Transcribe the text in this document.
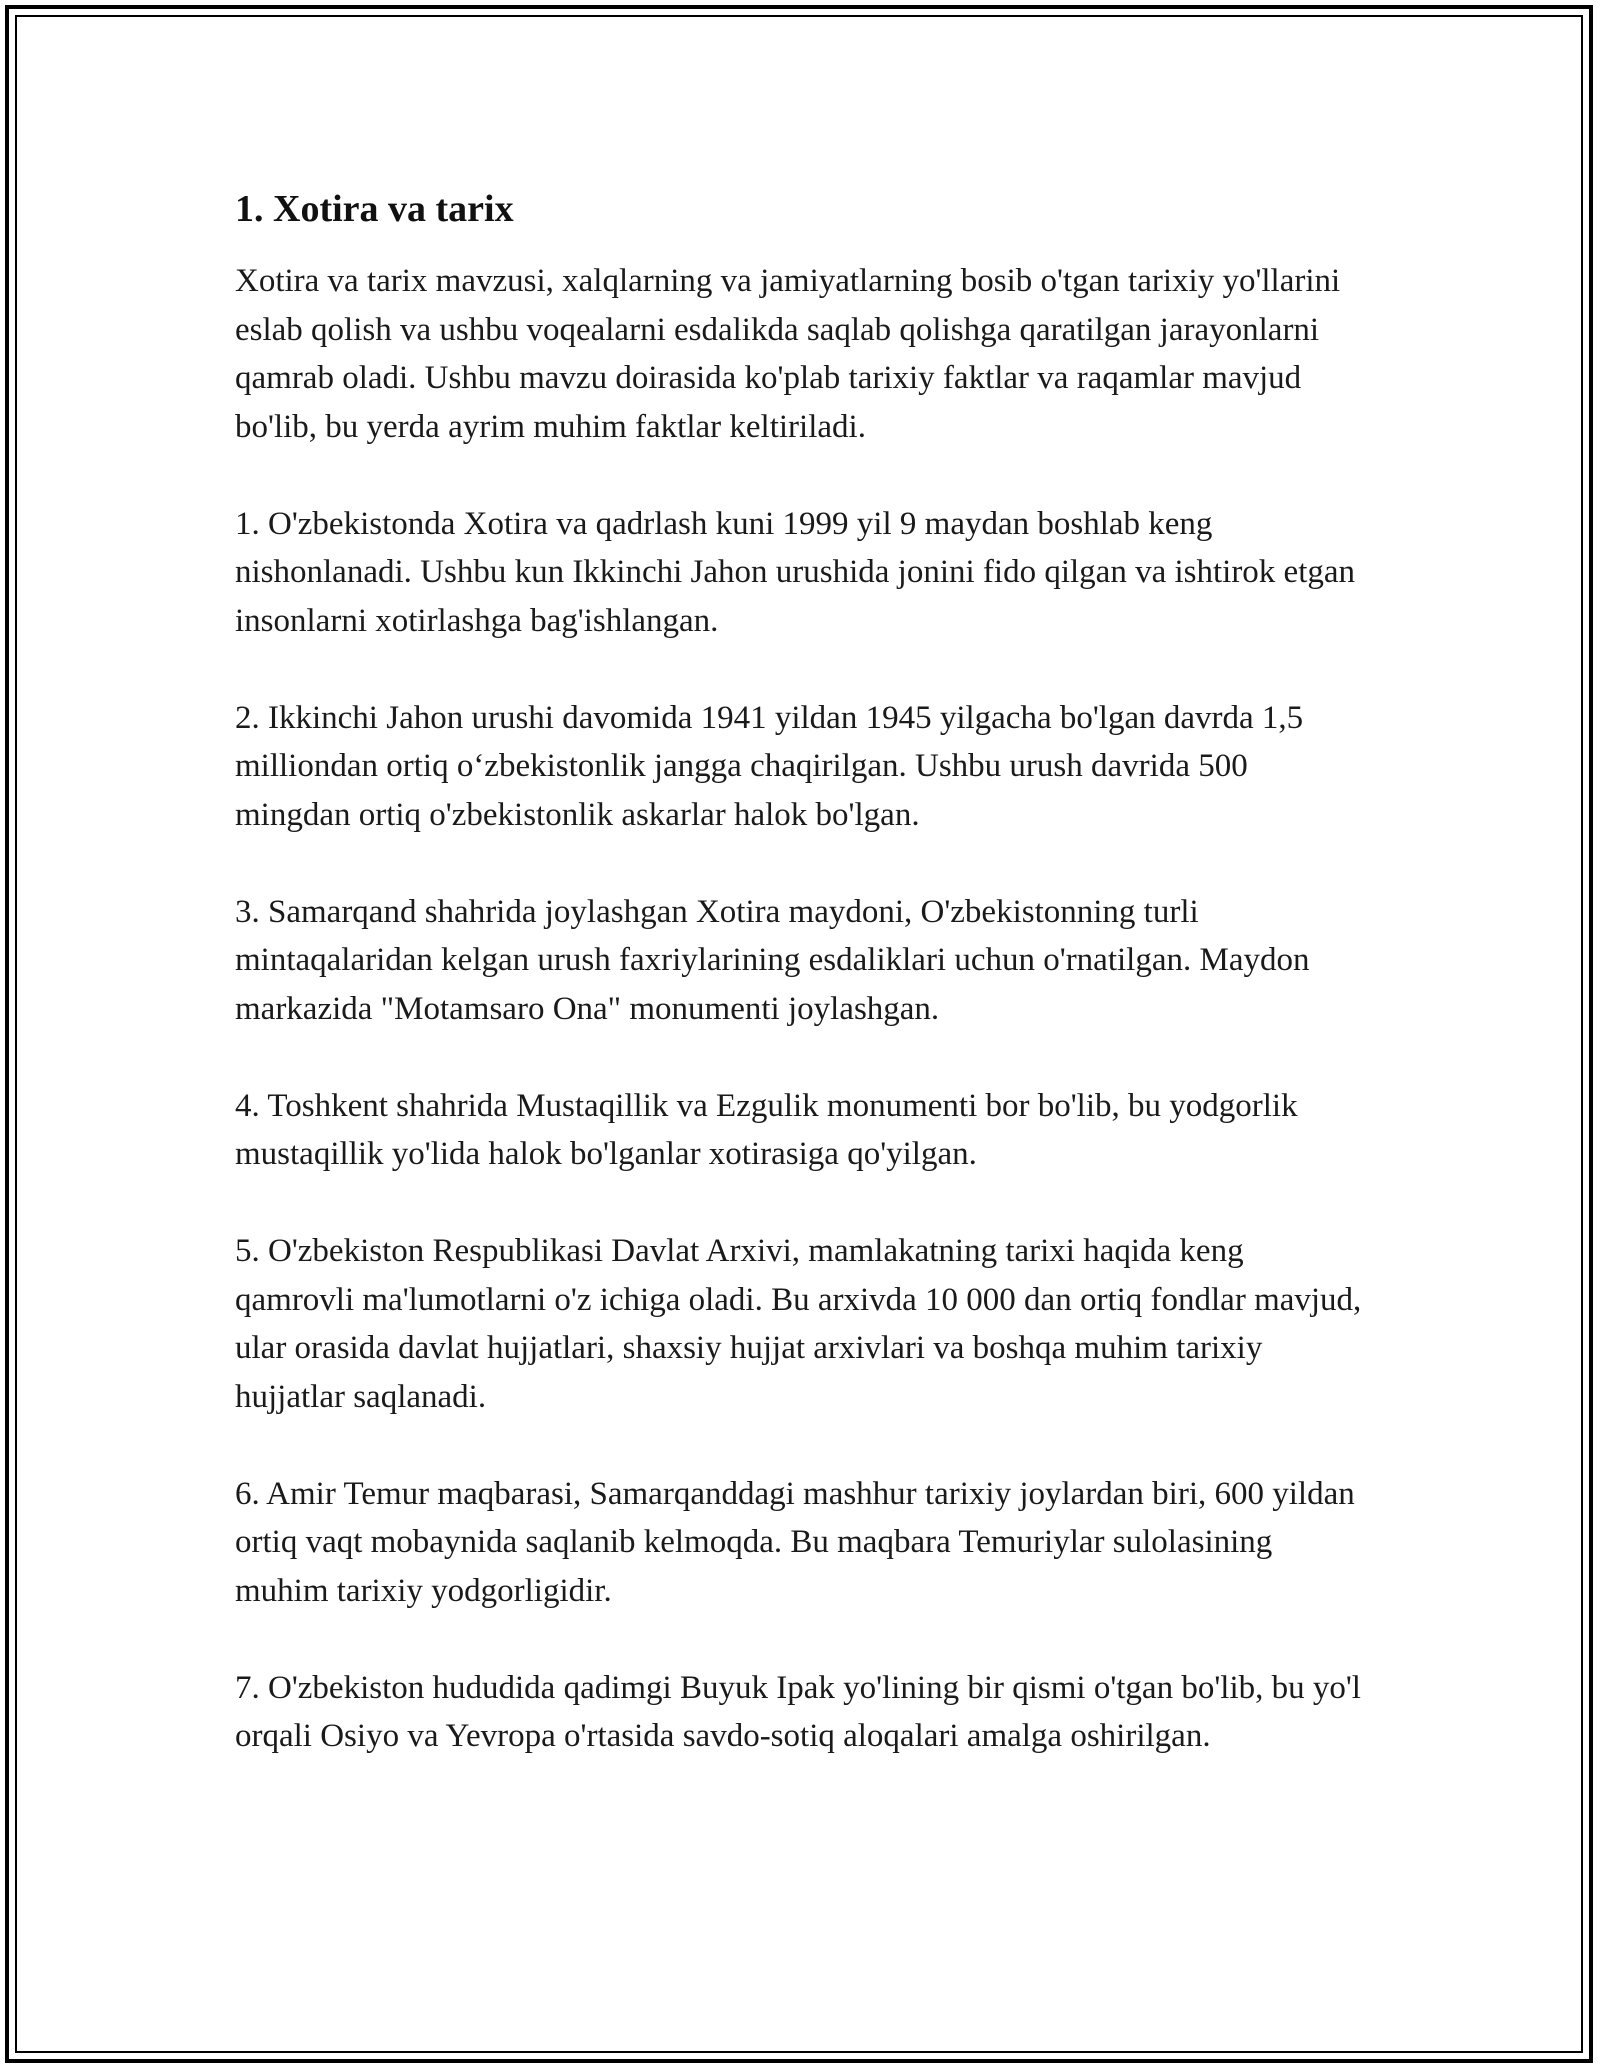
1. Xotira va tarix

Xotira va tarix mavzusi, xalqlarning va jamiyatlarning bosib o'tgan tarixiy yo'llarini eslab qolish va ushbu voqealarni esdalikda saqlab qolishga qaratilgan jarayonlarni qamrab oladi. Ushbu mavzu doirasida ko'plab tarixiy faktlar va raqamlar mavjud bo'lib, bu yerda ayrim muhim faktlar keltiriladi.

1. O'zbekistonda Xotira va qadrlash kuni 1999 yil 9 maydan boshlab keng nishonlanadi. Ushbu kun Ikkinchi Jahon urushida jonini fido qilgan va ishtirok etgan insonlarni xotirlashga bag'ishlangan.

2. Ikkinchi Jahon urushi davomida 1941 yildan 1945 yilgacha bo'lgan davrda 1,5 milliondan ortiq o‘zbekistonlik jangga chaqirilgan. Ushbu urush davrida 500 mingdan ortiq o'zbekistonlik askarlar halok bo'lgan.

3. Samarqand shahrida joylashgan Xotira maydoni, O'zbekistonning turli mintaqalaridan kelgan urush faxriylarining esdaliklari uchun o'rnatilgan. Maydon markazida "Motamsaro Ona" monumenti joylashgan.

4. Toshkent shahrida Mustaqillik va Ezgulik monumenti bor bo'lib, bu yodgorlik mustaqillik yo'lida halok bo'lganlar xotirasiga qo'yilgan.

5. O'zbekiston Respublikasi Davlat Arxivi, mamlakatning tarixi haqida keng qamrovli ma'lumotlarni o'z ichiga oladi. Bu arxivda 10 000 dan ortiq fondlar mavjud, ular orasida davlat hujjatlari, shaxsiy hujjat arxivlari va boshqa muhim tarixiy hujjatlar saqlanadi.

6. Amir Temur maqbarasi, Samarqanddagi mashhur tarixiy joylardan biri, 600 yildan ortiq vaqt mobaynida saqlanib kelmoqda. Bu maqbara Temuriylar sulolasining muhim tarixiy yodgorligidir.

7. O'zbekiston hududida qadimgi Buyuk Ipak yo'lining bir qismi o'tgan bo'lib, bu yo'l orqali Osiyo va Yevropa o'rtasida savdo-sotiq aloqalari amalga oshirilgan.
